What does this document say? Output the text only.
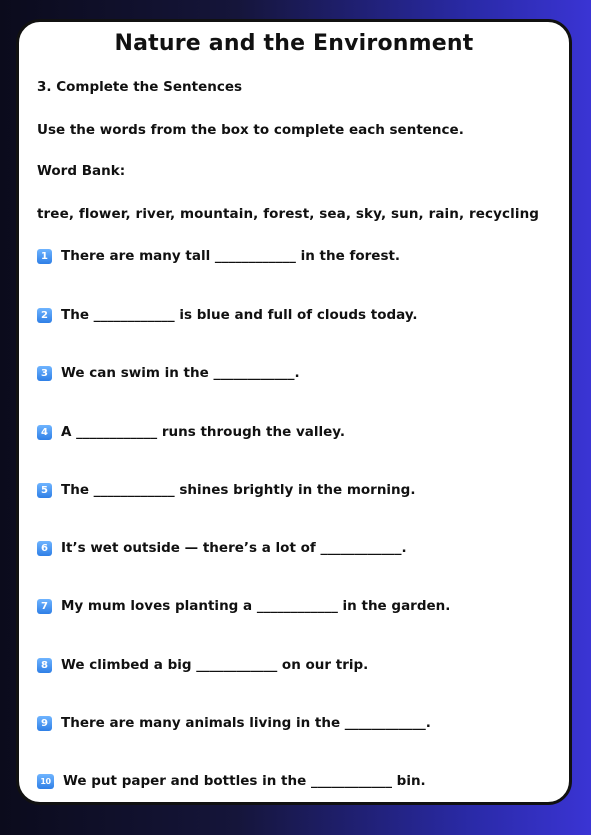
Nature and the Environment

3. Complete the Sentences

Use the words from the box to complete each sentence.

Word Bank:

tree, flower, river, mountain, forest, sea, sky, sun, rain, recycling

1 There are many tall ____________ in the forest.
2 The ____________ is blue and full of clouds today.
3 We can swim in the ____________.
4 A ____________ runs through the valley.
5 The ____________ shines brightly in the morning.
6 It’s wet outside — there’s a lot of ____________.
7 My mum loves planting a ____________ in the garden.
8 We climbed a big ____________ on our trip.
9 There are many animals living in the ____________.
10 We put paper and bottles in the ____________ bin.
